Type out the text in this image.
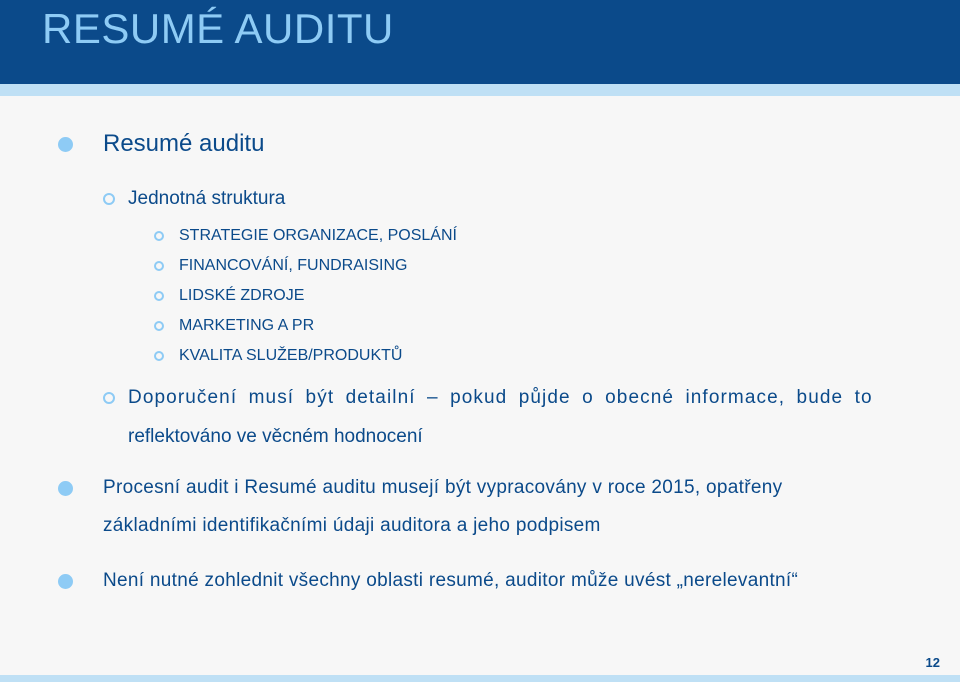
RESUMÉ AUDITU
Resumé auditu
Jednotná struktura
STRATEGIE ORGANIZACE, POSLÁNÍ
FINANCOVÁNÍ, FUNDRAISING
LIDSKÉ ZDROJE
MARKETING A PR
KVALITA SLUŽEB/PRODUKTŮ
Doporučení musí být detailní – pokud půjde o obecné informace, bude to
reflektováno ve věcném hodnocení
Procesní audit i Resumé auditu musejí být vypracovány v roce 2015, opatřeny
základními identifikačními údaji auditora a jeho podpisem
Není nutné zohlednit všechny oblasti resumé, auditor může uvést „nerelevantní“
12
